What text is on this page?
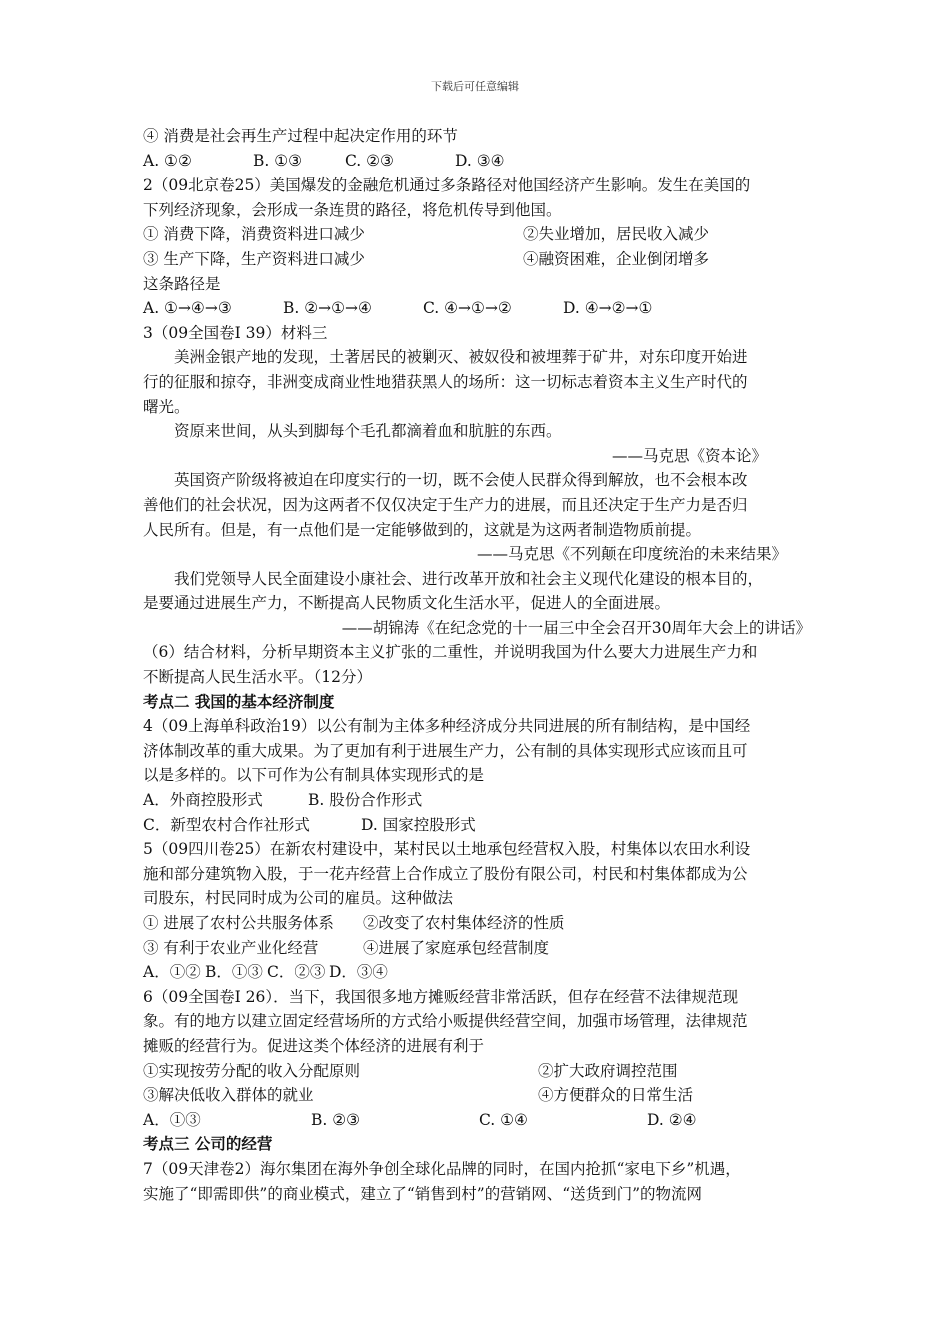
下载后可任意编辑
④ 消费是社会再生产过程中起决定作用的环节
A. ①②	B. ①③	C. ②③	D. ③④
2（09北京卷25）美国爆发的金融危机通过多条路径对他国经济产生影响。发生在美国的
下列经济现象，会形成一条连贯的路径，将危机传导到他国。
① 消费下降，消费资料进口减少	②失业增加，居民收入减少
③ 生产下降，生产资料进口减少	④融资困难，企业倒闭增多
这条路径是
A. ①→④→③	B. ②→①→④	C. ④→①→②	D. ④→②→①
3（09全国卷Ⅰ 39）材料三
美洲金银产地的发现，土著居民的被剿灭、被奴役和被埋葬于矿井，对东印度开始进
行的征服和掠夺，非洲变成商业性地猎获黑人的场所：这一切标志着资本主义生产时代的
曙光。
资原来世间，从头到脚每个毛孔都滴着血和肮脏的东西。
——马克思《资本论》
英国资产阶级将被迫在印度实行的一切，既不会使人民群众得到解放，也不会根本改
善他们的社会状况，因为这两者不仅仅决定于生产力的进展，而且还决定于生产力是否归
人民所有。但是，有一点他们是一定能够做到的，这就是为这两者制造物质前提。
——马克思《不列颠在印度统治的未来结果》
我们党领导人民全面建设小康社会、进行改革开放和社会主义现代化建设的根本目的，
是要通过进展生产力，不断提高人民物质文化生活水平，促进人的全面进展。
——胡锦涛《在纪念党的十一届三中全会召开30周年大会上的讲话》
（6）结合材料，分析早期资本主义扩张的二重性，并说明我国为什么要大力进展生产力和
不断提高人民生活水平。（12分）
考点二 我国的基本经济制度
4（09上海单科政治19）以公有制为主体多种经济成分共同进展的所有制结构，是中国经
济体制改革的重大成果。为了更加有利于进展生产力，公有制的具体实现形式应该而且可
以是多样的。以下可作为公有制具体实现形式的是
A．外商控股形式	B. 股份合作形式
C．新型农村合作社形式	D. 国家控股形式
5（09四川卷25）在新农村建设中，某村民以土地承包经营权入股，村集体以农田水利设
施和部分建筑物入股，于一花卉经营上合作成立了股份有限公司，村民和村集体都成为公
司股东，村民同时成为公司的雇员。这种做法
① 进展了农村公共服务体系 ②改变了农村集体经济的性质
③ 有利于农业产业化经营	④进展了家庭承包经营制度
A．①② B．①③ C．②③ D．③④
6（09全国卷Ⅰ 26）．当下，我国很多地方摊贩经营非常活跃，但存在经营不法律规范现
象。有的地方以建立固定经营场所的方式给小贩提供经营空间，加强市场管理，法律规范
摊贩的经营行为。促进这类个体经济的进展有利于
①实现按劳分配的收入分配原则	②扩大政府调控范围
③解决低收入群体的就业	④方便群众的日常生活
A．①③	B. ②③	C. ①④	D. ②④
考点三 公司的经营
7（09天津卷2）海尔集团在海外争创全球化品牌的同时，在国内抢抓“家电下乡”机遇，
实施了“即需即供”的商业模式，建立了“销售到村”的营销网、“送货到门”的物流网
